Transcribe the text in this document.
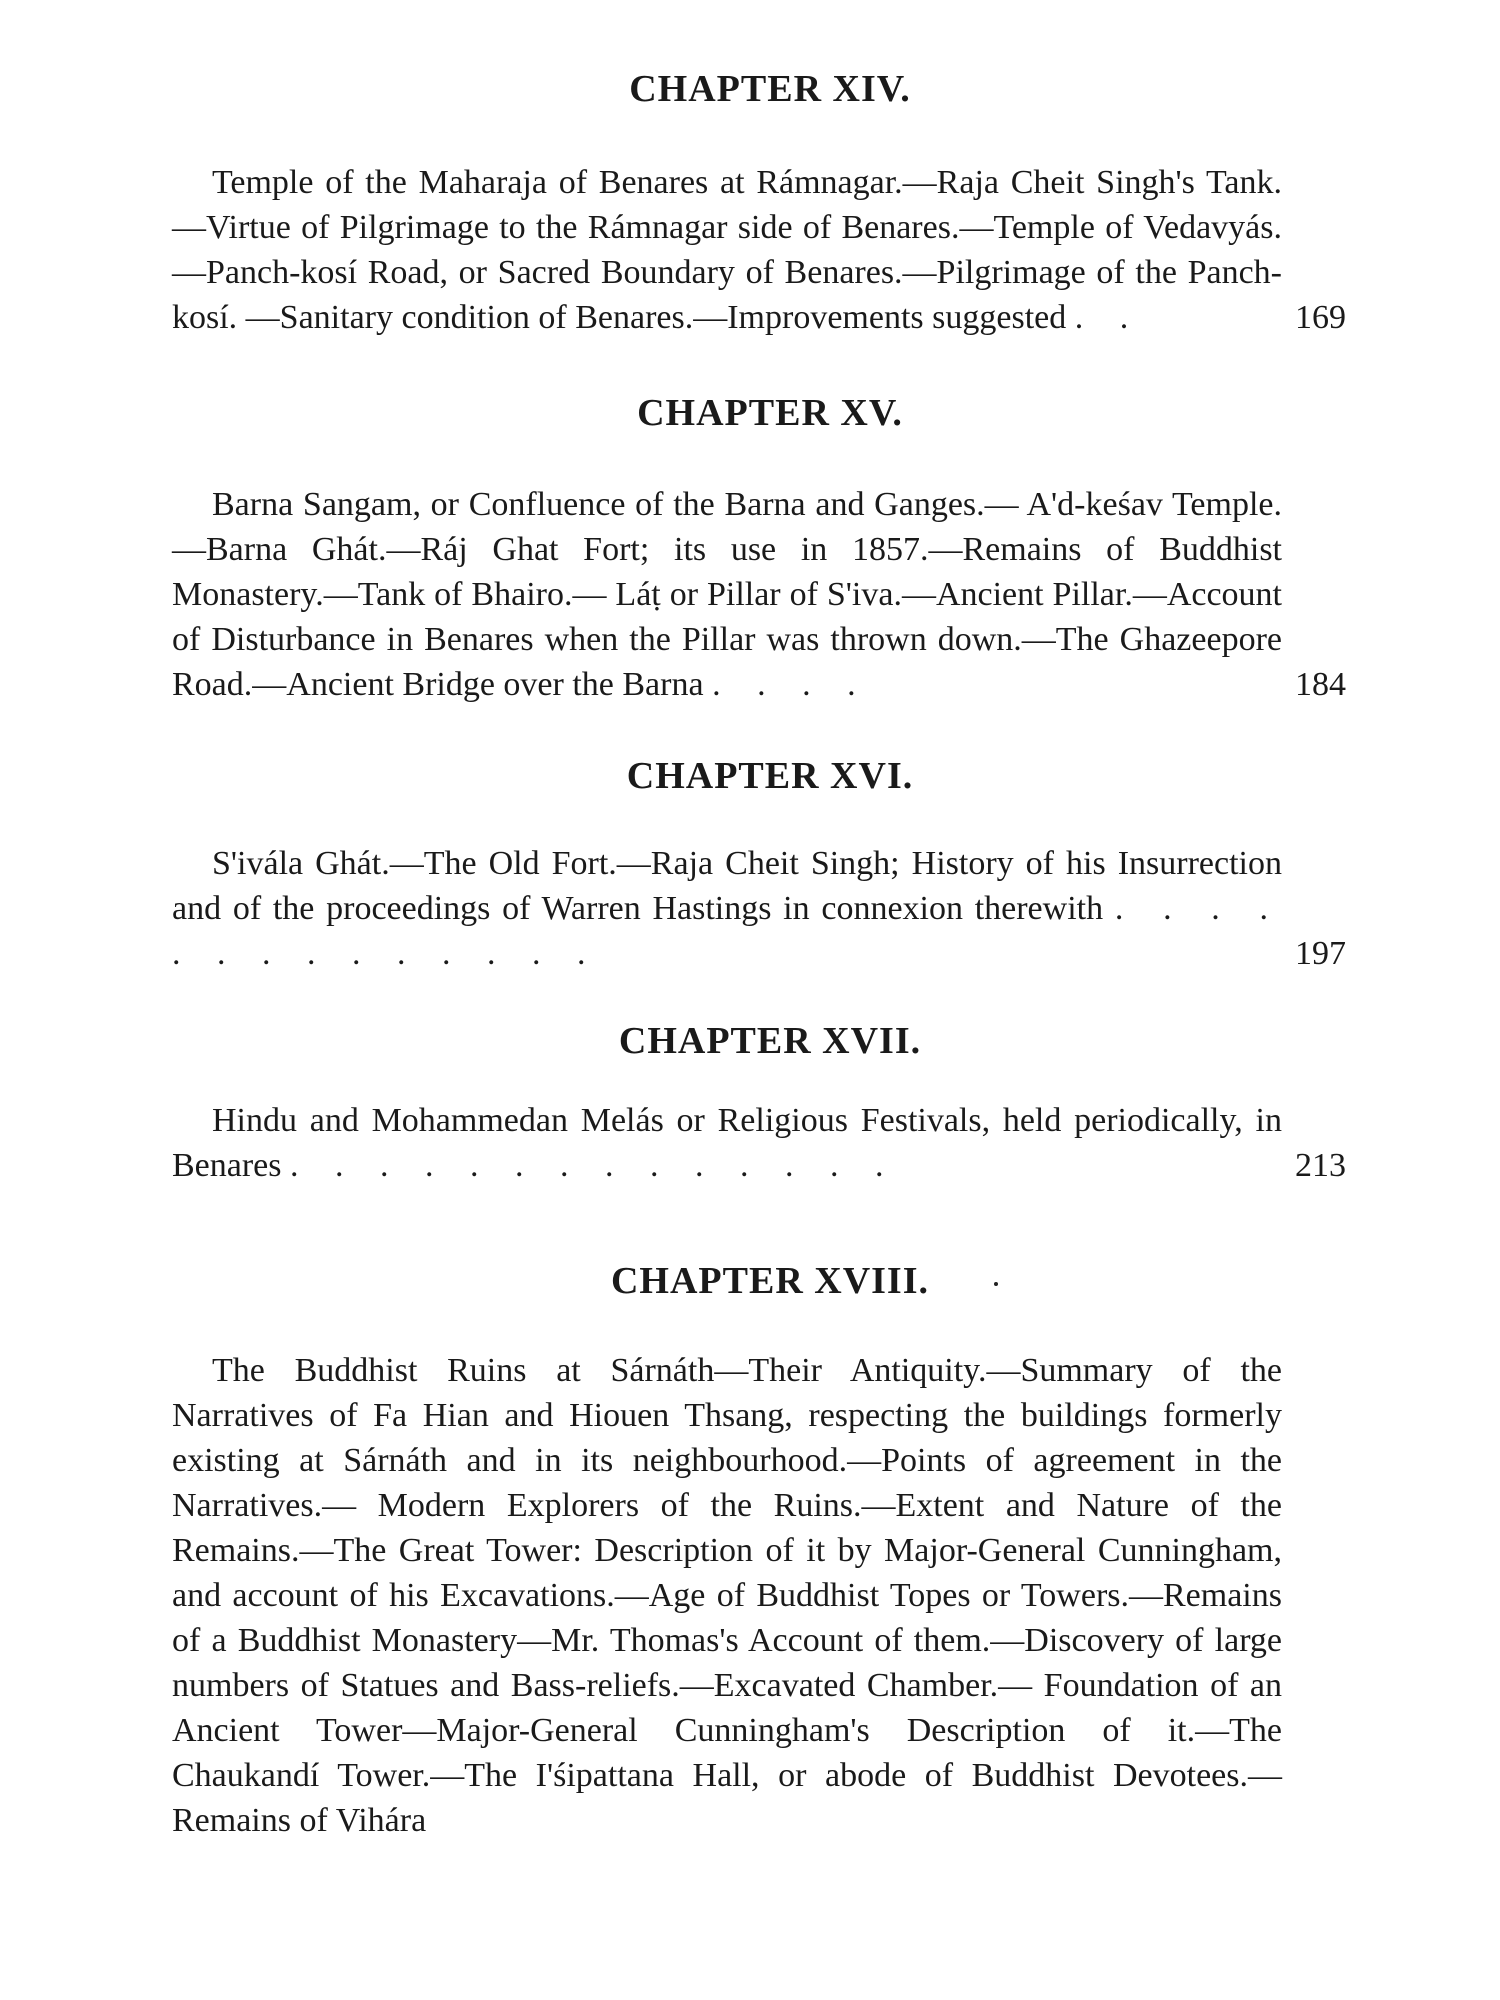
CHAPTER XIV.

Temple of the Maharaja of Benares at Rámnagar.—Raja Cheit Singh's Tank.—Virtue of Pilgrimage to the Rámnagar side of Benares.—Temple of Vedavyás.—Panch-kosí Road, or Sacred Boundary of Benares.—Pilgrimage of the Panch-kosí. —Sanitary condition of Benares.—Improvements suggested . .	169

CHAPTER XV.

Barna Sangam, or Confluence of the Barna and Ganges.— A'd-keśav Temple.—Barna Ghát.—Ráj Ghat Fort; its use in 1857.—Remains of Buddhist Monastery.—Tank of Bhairo.— Láṭ or Pillar of S'iva.—Ancient Pillar.—Account of Disturbance in Benares when the Pillar was thrown down.—The Ghazeepore Road.—Ancient Bridge over the Barna . . . .	184

CHAPTER XVI.

S'ivála Ghát.—The Old Fort.—Raja Cheit Singh; History of his Insurrection and of the proceedings of Warren Hastings in connexion therewith . . . . . . . . . . . . . .	197

CHAPTER XVII.

Hindu and Mohammedan Melás or Religious Festivals, held periodically, in Benares . . . . . . . . . . . . . .	213

CHAPTER XVIII.

The Buddhist Ruins at Sárnáth—Their Antiquity.—Summary of the Narratives of Fa Hian and Hiouen Thsang, respecting the buildings formerly existing at Sárnáth and in its neighbourhood.—Points of agreement in the Narratives.— Modern Explorers of the Ruins.—Extent and Nature of the Remains.—The Great Tower: Description of it by Major-General Cunningham, and account of his Excavations.—Age of Buddhist Topes or Towers.—Remains of a Buddhist Monastery—Mr. Thomas's Account of them.—Discovery of large numbers of Statues and Bass-reliefs.—Excavated Chamber.— Foundation of an Ancient Tower—Major-General Cunningham's Description of it.—The Chaukandí Tower.—The I'śipattana Hall, or abode of Buddhist Devotees.—Remains of Vihára
